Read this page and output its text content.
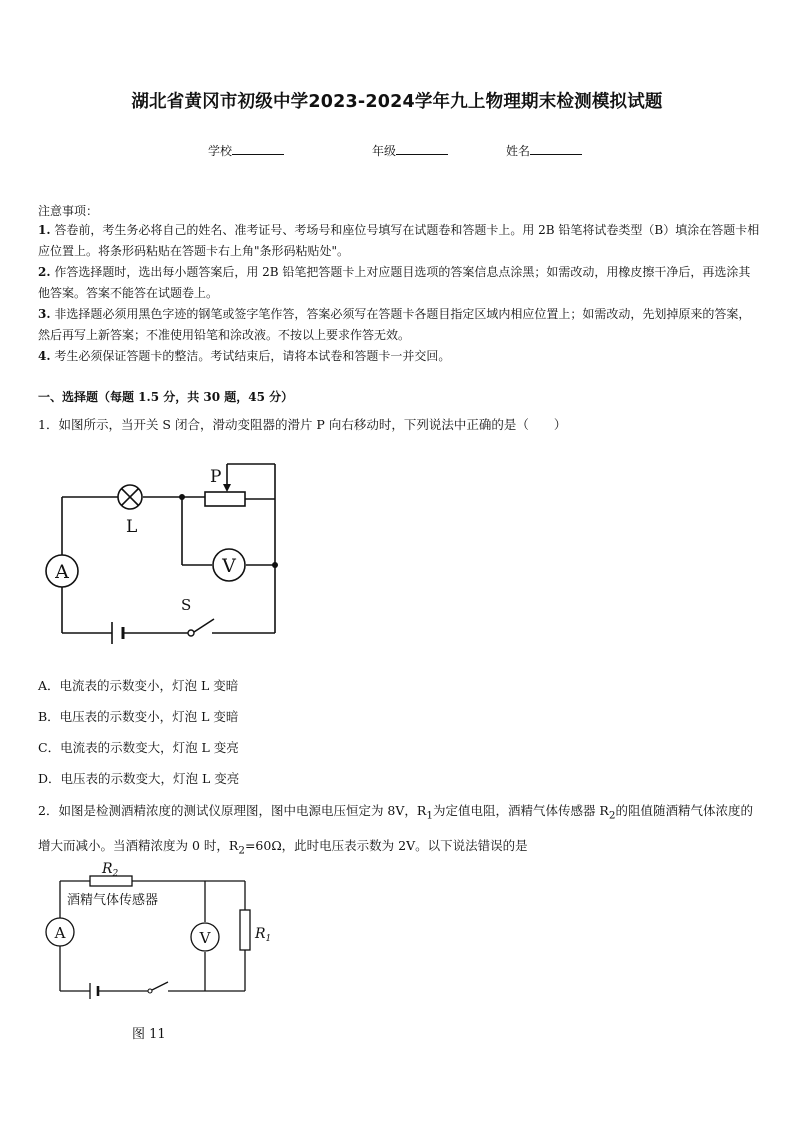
湖北省黄冈市初级中学2023-2024学年九上物理期末检测模拟试题
学校	年级	姓名
注意事项：
1. 答卷前，考生务必将自己的姓名、准考证号、考场号和座位号填写在试题卷和答题卡上。用 2B 铅笔将试卷类型（B）填涂在答题卡相应位置上。将条形码粘贴在答题卡右上角"条形码粘贴处"。
2. 作答选择题时，选出每小题答案后，用 2B 铅笔把答题卡上对应题目选项的答案信息点涂黑；如需改动，用橡皮擦干净后，再选涂其他答案。答案不能答在试题卷上。
3. 非选择题必须用黑色字迹的钢笔或签字笔作答，答案必须写在答题卡各题目指定区域内相应位置上；如需改动，先划掉原来的答案，然后再写上新答案；不准使用铅笔和涂改液。不按以上要求作答无效。
4. 考生必须保证答题卡的整洁。考试结束后，请将本试卷和答题卡一并交回。
一、选择题（每题 1.5 分，共 30 题，45 分）
1．如图所示，当开关 S 闭合，滑动变阻器的滑片 P 向右移动时，下列说法中正确的是（　　）
V
A
P
L
S
A．电流表的示数变小，灯泡 L 变暗
B．电压表的示数变小，灯泡 L 变暗
C．电流表的示数变大，灯泡 L 变亮
D．电压表的示数变大，灯泡 L 变亮
2．如图是检测酒精浓度的测试仪原理图，图中电源电压恒定为 8V，$R_1$为定值电阻，酒精气体传感器 $R_2$的阻值随酒精气体浓度的增大而减小。当酒精浓度为 0 时，$R_2=60\Omega$，此时电压表示数为 2V。以下说法错误的是
A	V
$R_2$
酒精气体传感器
$R_1$
图 11
